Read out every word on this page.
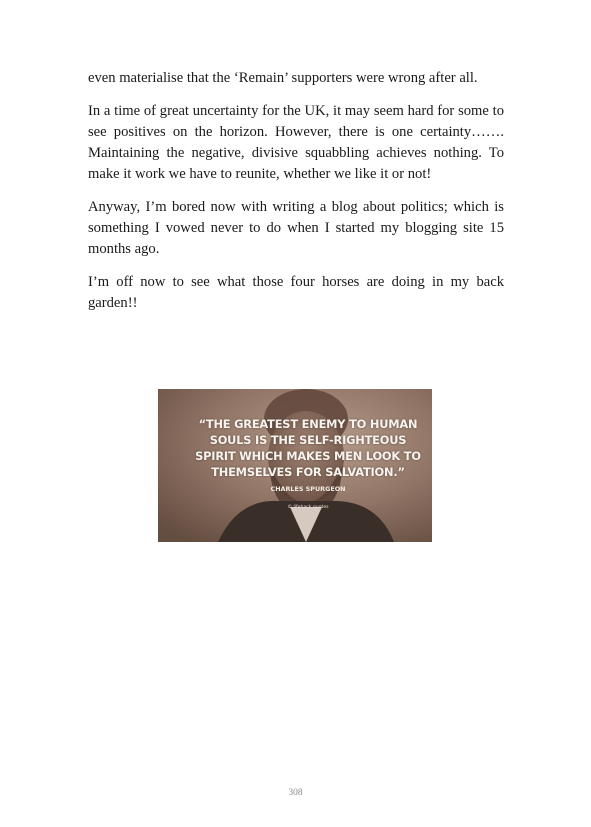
even materialise that the ‘Remain’ supporters were wrong after all.

In a time of great uncertainty for the UK, it may seem hard for some to see positives on the horizon. However, there is one certainty……. Maintaining the negative, divisive squabbling achieves nothing. To make it work we have to reunite, whether we like it or not!

Anyway, I’m bored now with writing a blog about politics; which is something I vowed never to do when I started my blogging site 15 months ago.

I’m off now to see what those four horses are doing in my back garden!!

“THE GREATEST ENEMY TO HUMAN SOULS IS THE SELF-RIGHTEOUS SPIRIT WHICH MAKES MEN LOOK TO THEMSELVES FOR SALVATION.”
CHARLES SPURGEON
© lifehack quotes
308
